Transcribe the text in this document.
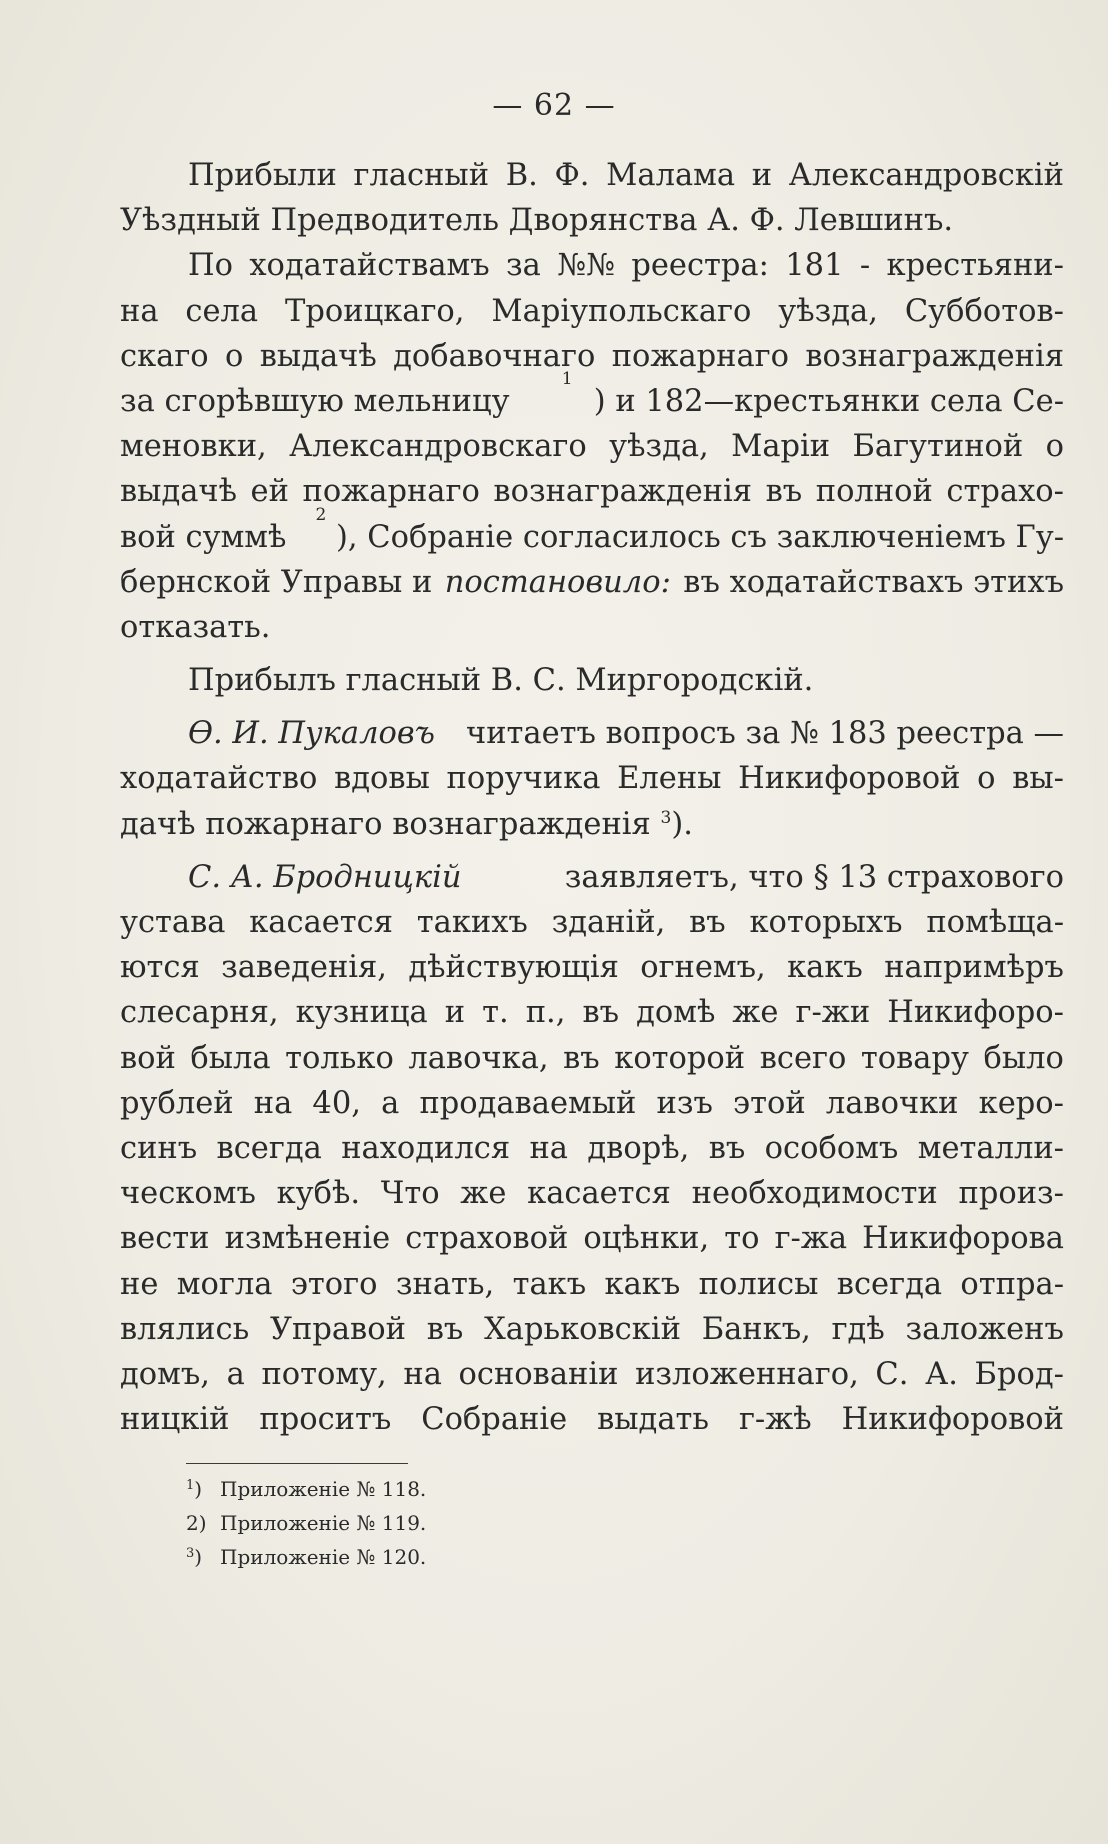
— 62 —
Прибыли гласный В. Ф. Малама и Александровскій
Уѣздный Предводитель Дворянства А. Ф. Левшинъ.
По ходатайствамъ за №№ реестра: 181 - крестьяни-
на села Троицкаго, Маріупольскаго уѣзда, Субботов-
скаго о выдачѣ добавочнаго пожарнаго вознагражденія
за сгорѣвшую мельницу

1
) и 182—крестьянки села Се-
меновки, Александровскаго уѣзда, Маріи Багутиной о
выдачѣ ей пожарнаго вознагражденія въ полной страхо-
вой суммѣ

2
), Собраніе согласилось съ заключеніемъ Гу-
бернской Управы и постановило: въ ходатайствахъ этихъ
отказать.
Прибылъ гласный В. С. Миргородскій.
Ѳ. И. Пукаловъ читаетъ вопросъ за № 183 реестра —
ходатайство вдовы поручика Елены Никифоровой о вы-
дачѣ пожарнаго вознагражденія $^3$).
С. А. Бродницкій	заявляетъ, что § 13 страхового
устава касается такихъ зданій, въ которыхъ помѣща-
ются заведенія, дѣйствующія огнемъ, какъ напримѣръ
слесарня, кузница и т. п., въ домѣ же г-жи Никифоро-
вой была только лавочка, въ которой всего товару было
рублей на 40, а продаваемый изъ этой лавочки керо-
синъ всегда находился на дворѣ, въ особомъ металли-
ческомъ кубѣ. Что же касается необходимости произ-
вести измѣненіе страховой оцѣнки, то г-жа Никифорова
не могла этого знать, такъ какъ полисы всегда отпра-
влялись Управой въ Харьковскій Банкъ, гдѣ заложенъ
домъ, а потому, на основаніи изложеннаго, С. А. Брод-
ницкій проситъ Собраніе выдать г-жѣ Никифоровой
$^1$) Приложеніе № 118.
2) Приложеніе № 119.
$^3$) Приложеніе № 120.
